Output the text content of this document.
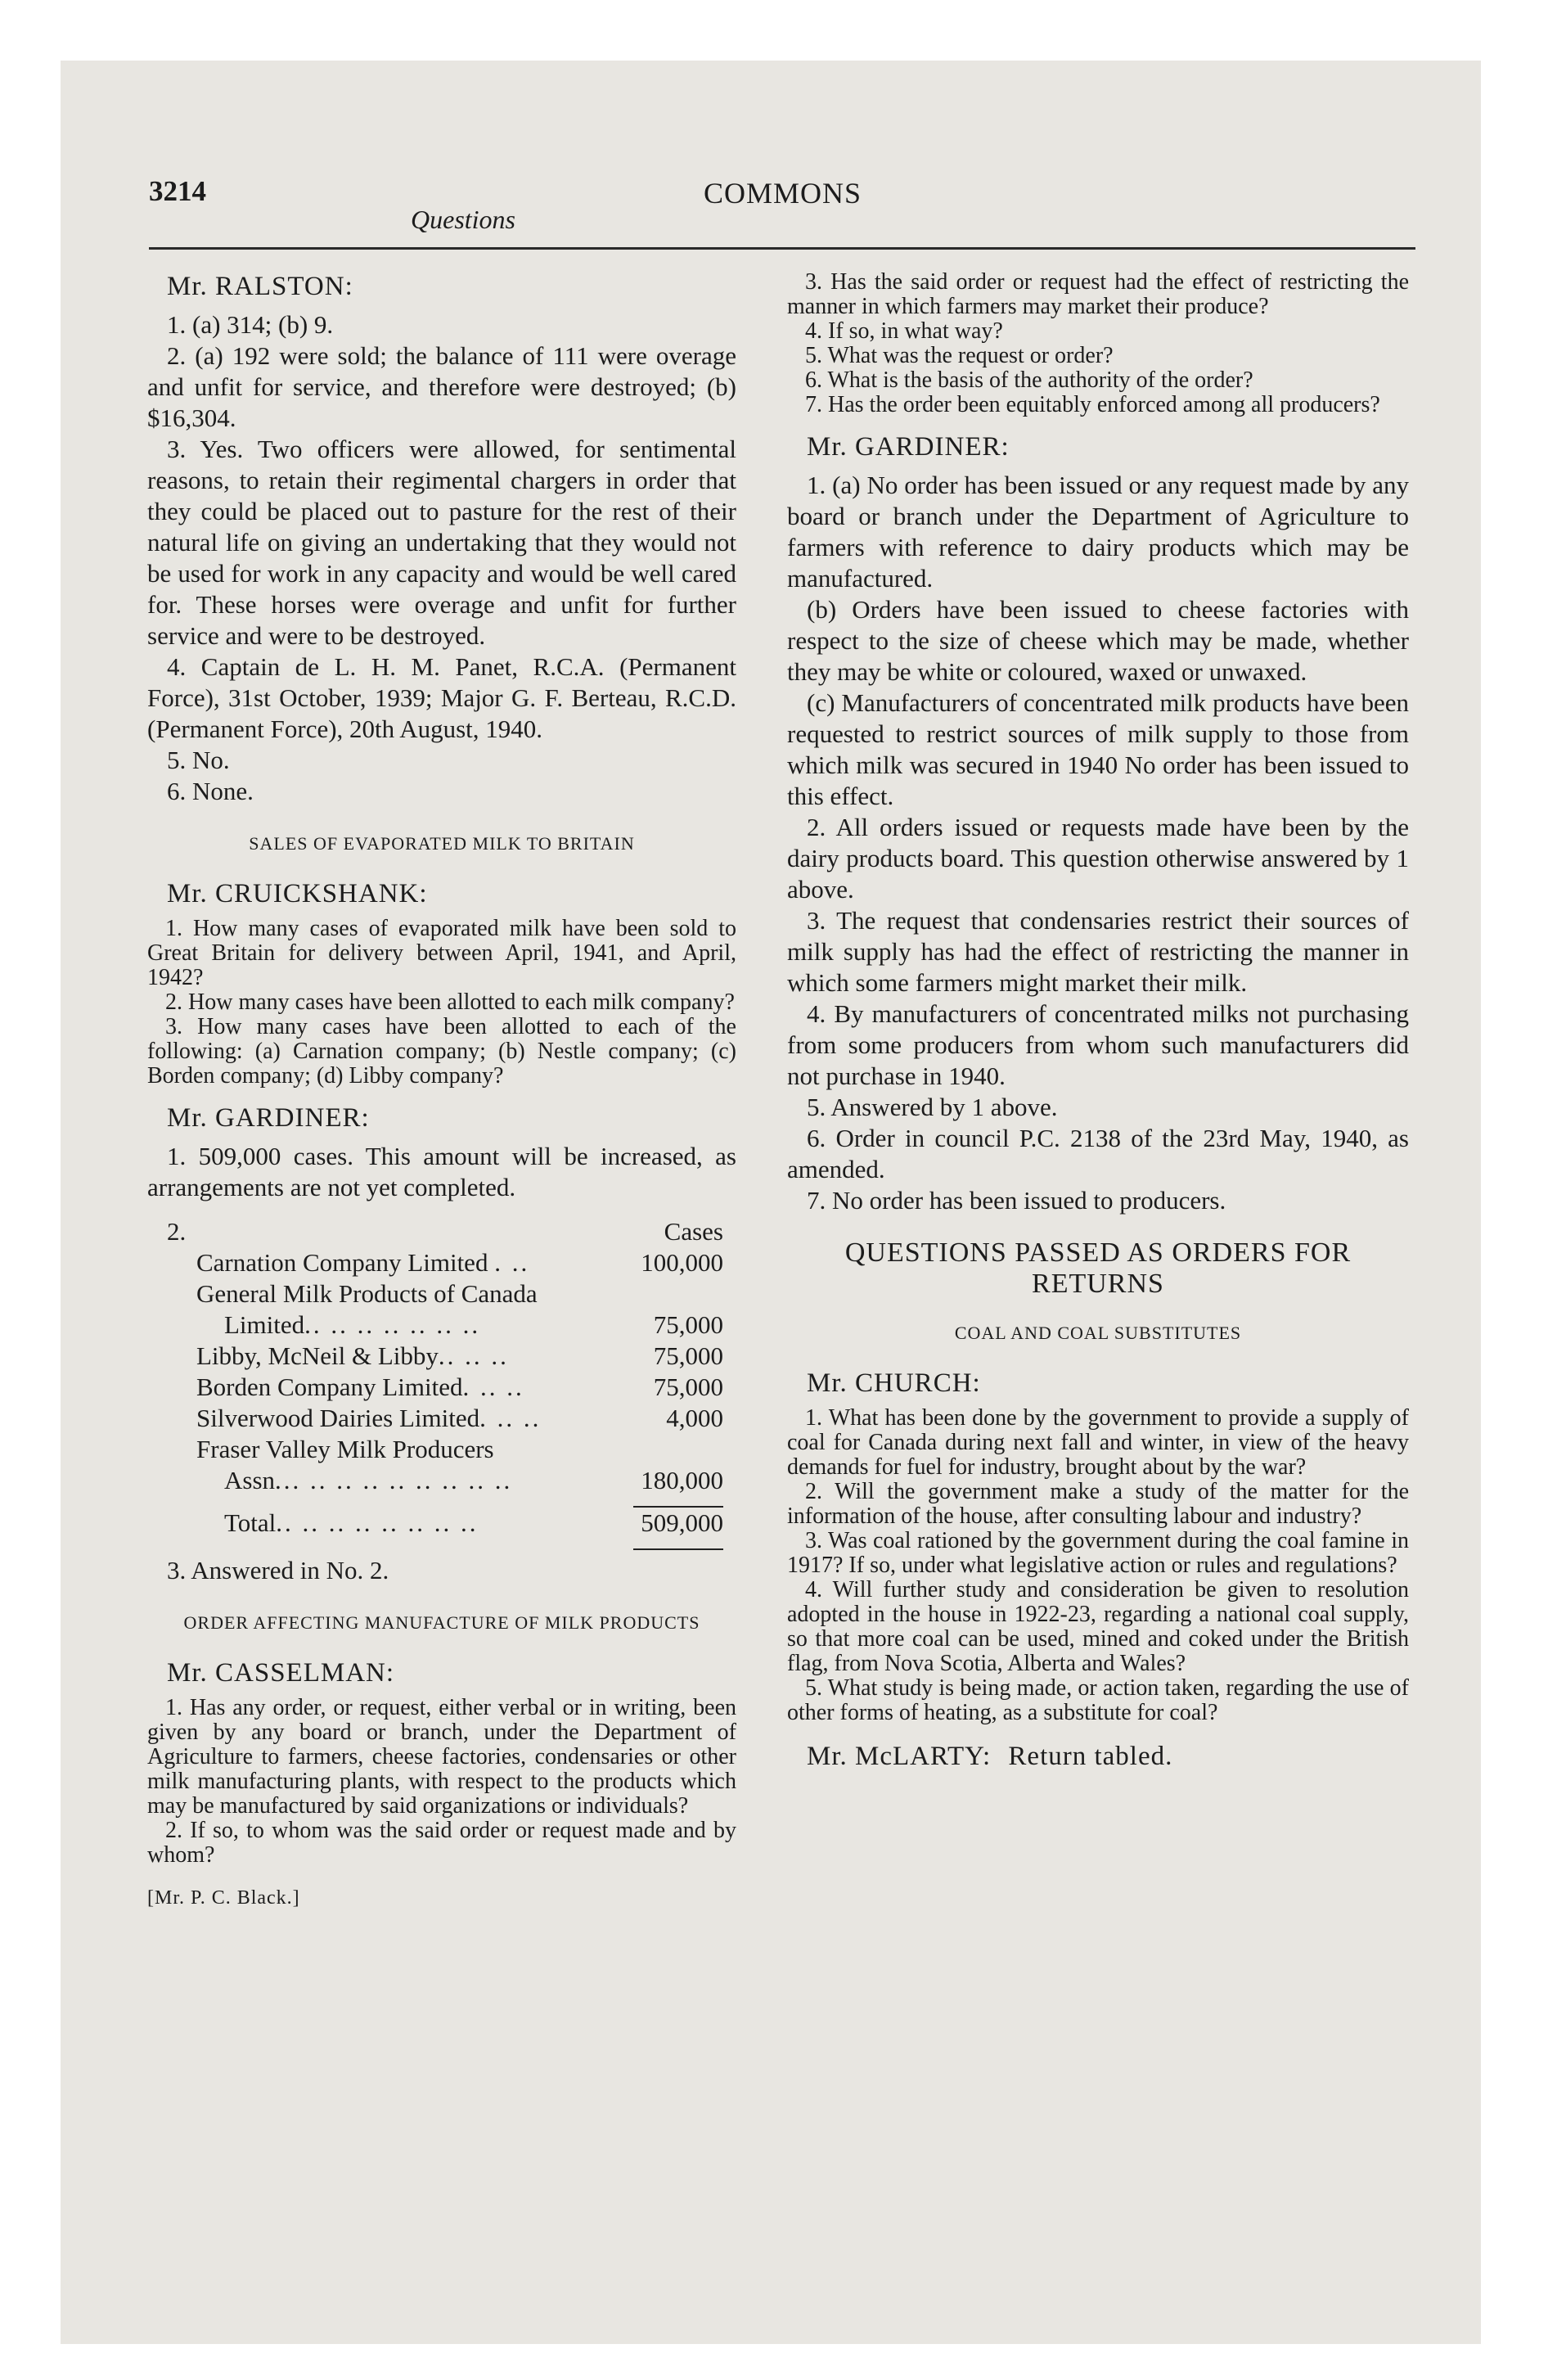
3214
Questions
COMMONS
Mr. RALSTON:

1. (a) 314; (b) 9.

2. (a) 192 were sold; the balance of 111 were overage and unfit for service, and therefore were destroyed; (b) $16,304.

3. Yes. Two officers were allowed, for sentimental reasons, to retain their regimental chargers in order that they could be placed out to pasture for the rest of their natural life on giving an undertaking that they would not be used for work in any capacity and would be well cared for. These horses were overage and unfit for further service and were to be destroyed.

4. Captain de L. H. M. Panet, R.C.A. (Permanent Force), 31st October, 1939; Major G. F. Berteau, R.C.D. (Permanent Force), 20th August, 1940.

5. No.

6. None.

SALES OF EVAPORATED MILK TO BRITAIN
Mr. CRUICKSHANK:

1. How many cases of evaporated milk have been sold to Great Britain for delivery between April, 1941, and April, 1942?

2. How many cases have been allotted to each milk company?

3. How many cases have been allotted to each of the following: (a) Carnation company; (b) Nestle company; (c) Borden company; (d) Libby company?

Mr. GARDINER:

1. 509,000 cases. This amount will be increased, as arrangements are not yet completed.

2.	Cases
Carnation Company Limited . ..	100,000
General Milk Products of Canada	
Limited.. .. .. .. .. .. ..	75,000
Libby, McNeil & Libby.. .. ..	75,000
Borden Company Limited. .. ..	75,000
Silverwood Dairies Limited. .. ..	4,000
Fraser Valley Milk Producers	
Assn... .. .. .. .. .. .. .. ..	180,000

Total.. .. .. .. .. .. .. ..	509,000

3. Answered in No. 2.

ORDER AFFECTING MANUFACTURE OF MILK PRODUCTS
Mr. CASSELMAN:

1. Has any order, or request, either verbal or in writing, been given by any board or branch, under the Department of Agriculture to farmers, cheese factories, condensaries or other milk manufacturing plants, with respect to the products which may be manufactured by said organizations or individuals?

2. If so, to whom was the said order or request made and by whom?

[Mr. P. C. Black.]

3. Has the said order or request had the effect of restricting the manner in which farmers may market their produce?

4. If so, in what way?

5. What was the request or order?

6. What is the basis of the authority of the order?

7. Has the order been equitably enforced among all producers?

Mr. GARDINER:

1. (a) No order has been issued or any request made by any board or branch under the Department of Agriculture to farmers with reference to dairy products which may be manufactured.

(b) Orders have been issued to cheese factories with respect to the size of cheese which may be made, whether they may be white or coloured, waxed or unwaxed.

(c) Manufacturers of concentrated milk products have been requested to restrict sources of milk supply to those from which milk was secured in 1940 No order has been issued to this effect.

2. All orders issued or requests made have been by the dairy products board. This question otherwise answered by 1 above.

3. The request that condensaries restrict their sources of milk supply has had the effect of restricting the manner in which some farmers might market their milk.

4. By manufacturers of concentrated milks not purchasing from some producers from whom such manufacturers did not purchase in 1940.

5. Answered by 1 above.

6. Order in council P.C. 2138 of the 23rd May, 1940, as amended.

7. No order has been issued to producers.

QUESTIONS PASSED AS ORDERS FOR RETURNS
COAL AND COAL SUBSTITUTES
Mr. CHURCH:

1. What has been done by the government to provide a supply of coal for Canada during next fall and winter, in view of the heavy demands for fuel for industry, brought about by the war?

2. Will the government make a study of the matter for the information of the house, after consulting labour and industry?

3. Was coal rationed by the government during the coal famine in 1917? If so, under what legislative action or rules and regulations?

4. Will further study and consideration be given to resolution adopted in the house in 1922-23, regarding a national coal supply, so that more coal can be used, mined and coked under the British flag, from Nova Scotia, Alberta and Wales?

5. What study is being made, or action taken, regarding the use of other forms of heating, as a substitute for coal?

Mr. McLARTY: Return tabled.
